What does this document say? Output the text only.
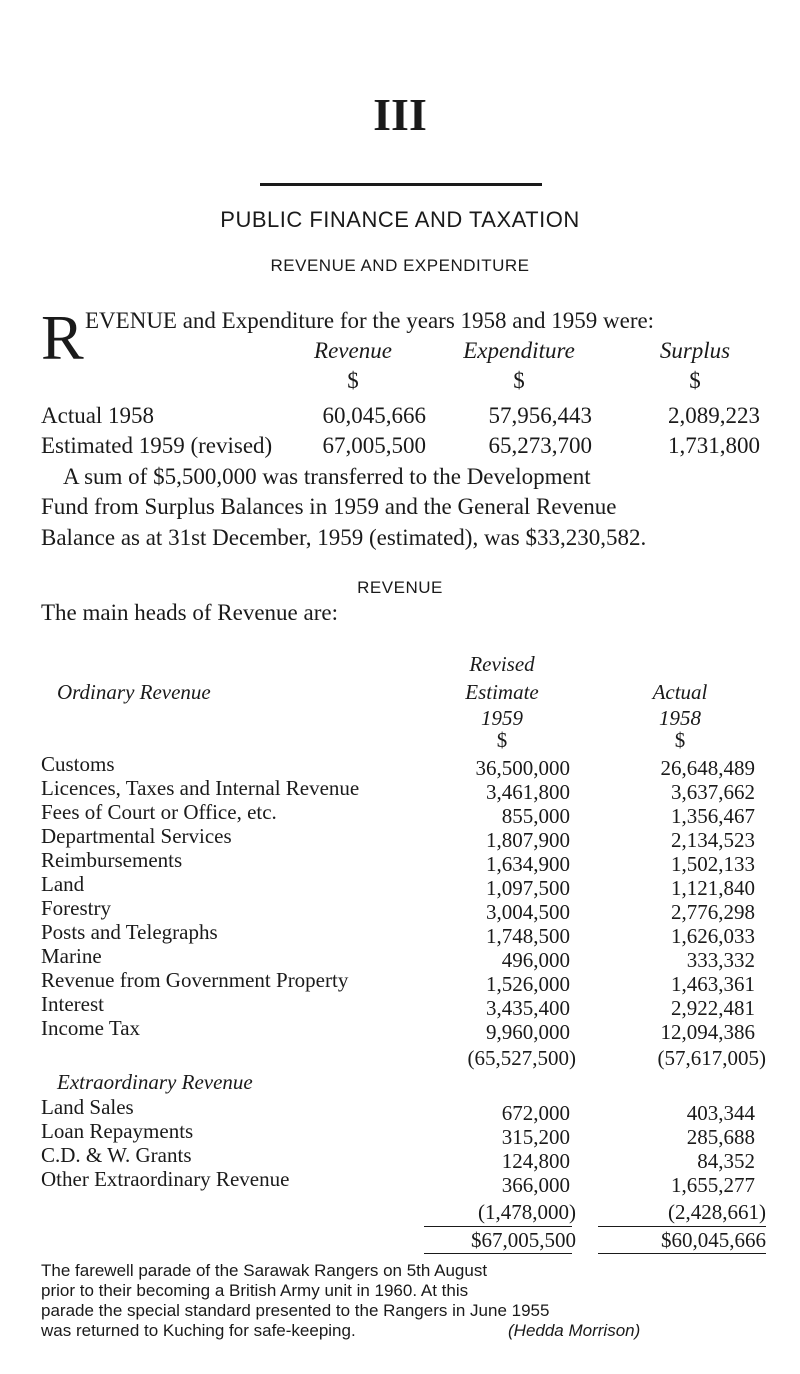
III
PUBLIC FINANCE AND TAXATION
REVENUE AND EXPENDITURE
R EVENUE and Expenditure for the years 1958 and 1959 were:
Revenue	Expenditure	Surplus
$	$	$
Actual 1958	60,045,666	57,956,443	2,089,223
Estimated 1959 (revised)	67,005,500	65,273,700	1,731,800
A sum of $5,500,000 was transferred to the Development
Fund from Surplus Balances in 1959 and the General Revenue
Balance as at 31st December, 1959 (estimated), was $33,230,582.
REVENUE
The main heads of Revenue are:
Ordinary Revenue
Revised
Estimate
1959
$
Actual
1958
$
Customs	36,500,000	26,648,489
Licences, Taxes and Internal Revenue	3,461,800	3,637,662
Fees of Court or Office, etc.	855,000	1,356,467
Departmental Services	1,807,900	2,134,523
Reimbursements	1,634,900	1,502,133
Land	1,097,500	1,121,840
Forestry	3,004,500	2,776,298
Posts and Telegraphs	1,748,500	1,626,033
Marine	496,000	333,332
Revenue from Government Property	1,526,000	1,463,361
Interest	3,435,400	2,922,481
Income Tax	9,960,000	12,094,386
(65,527,500)	(57,617,005)
Extraordinary Revenue
Land Sales	672,000	403,344
Loan Repayments	315,200	285,688
C.D. & W. Grants	124,800	84,352
Other Extraordinary Revenue	366,000	1,655,277
(1,478,000)	(2,428,661)
$67,005,500	$60,045,666
The farewell parade of the Sarawak Rangers on 5th August
prior to their becoming a British Army unit in 1960. At this
parade the special standard presented to the Rangers in June 1955
was returned to Kuching for safe-keeping.	(Hedda Morrison)
